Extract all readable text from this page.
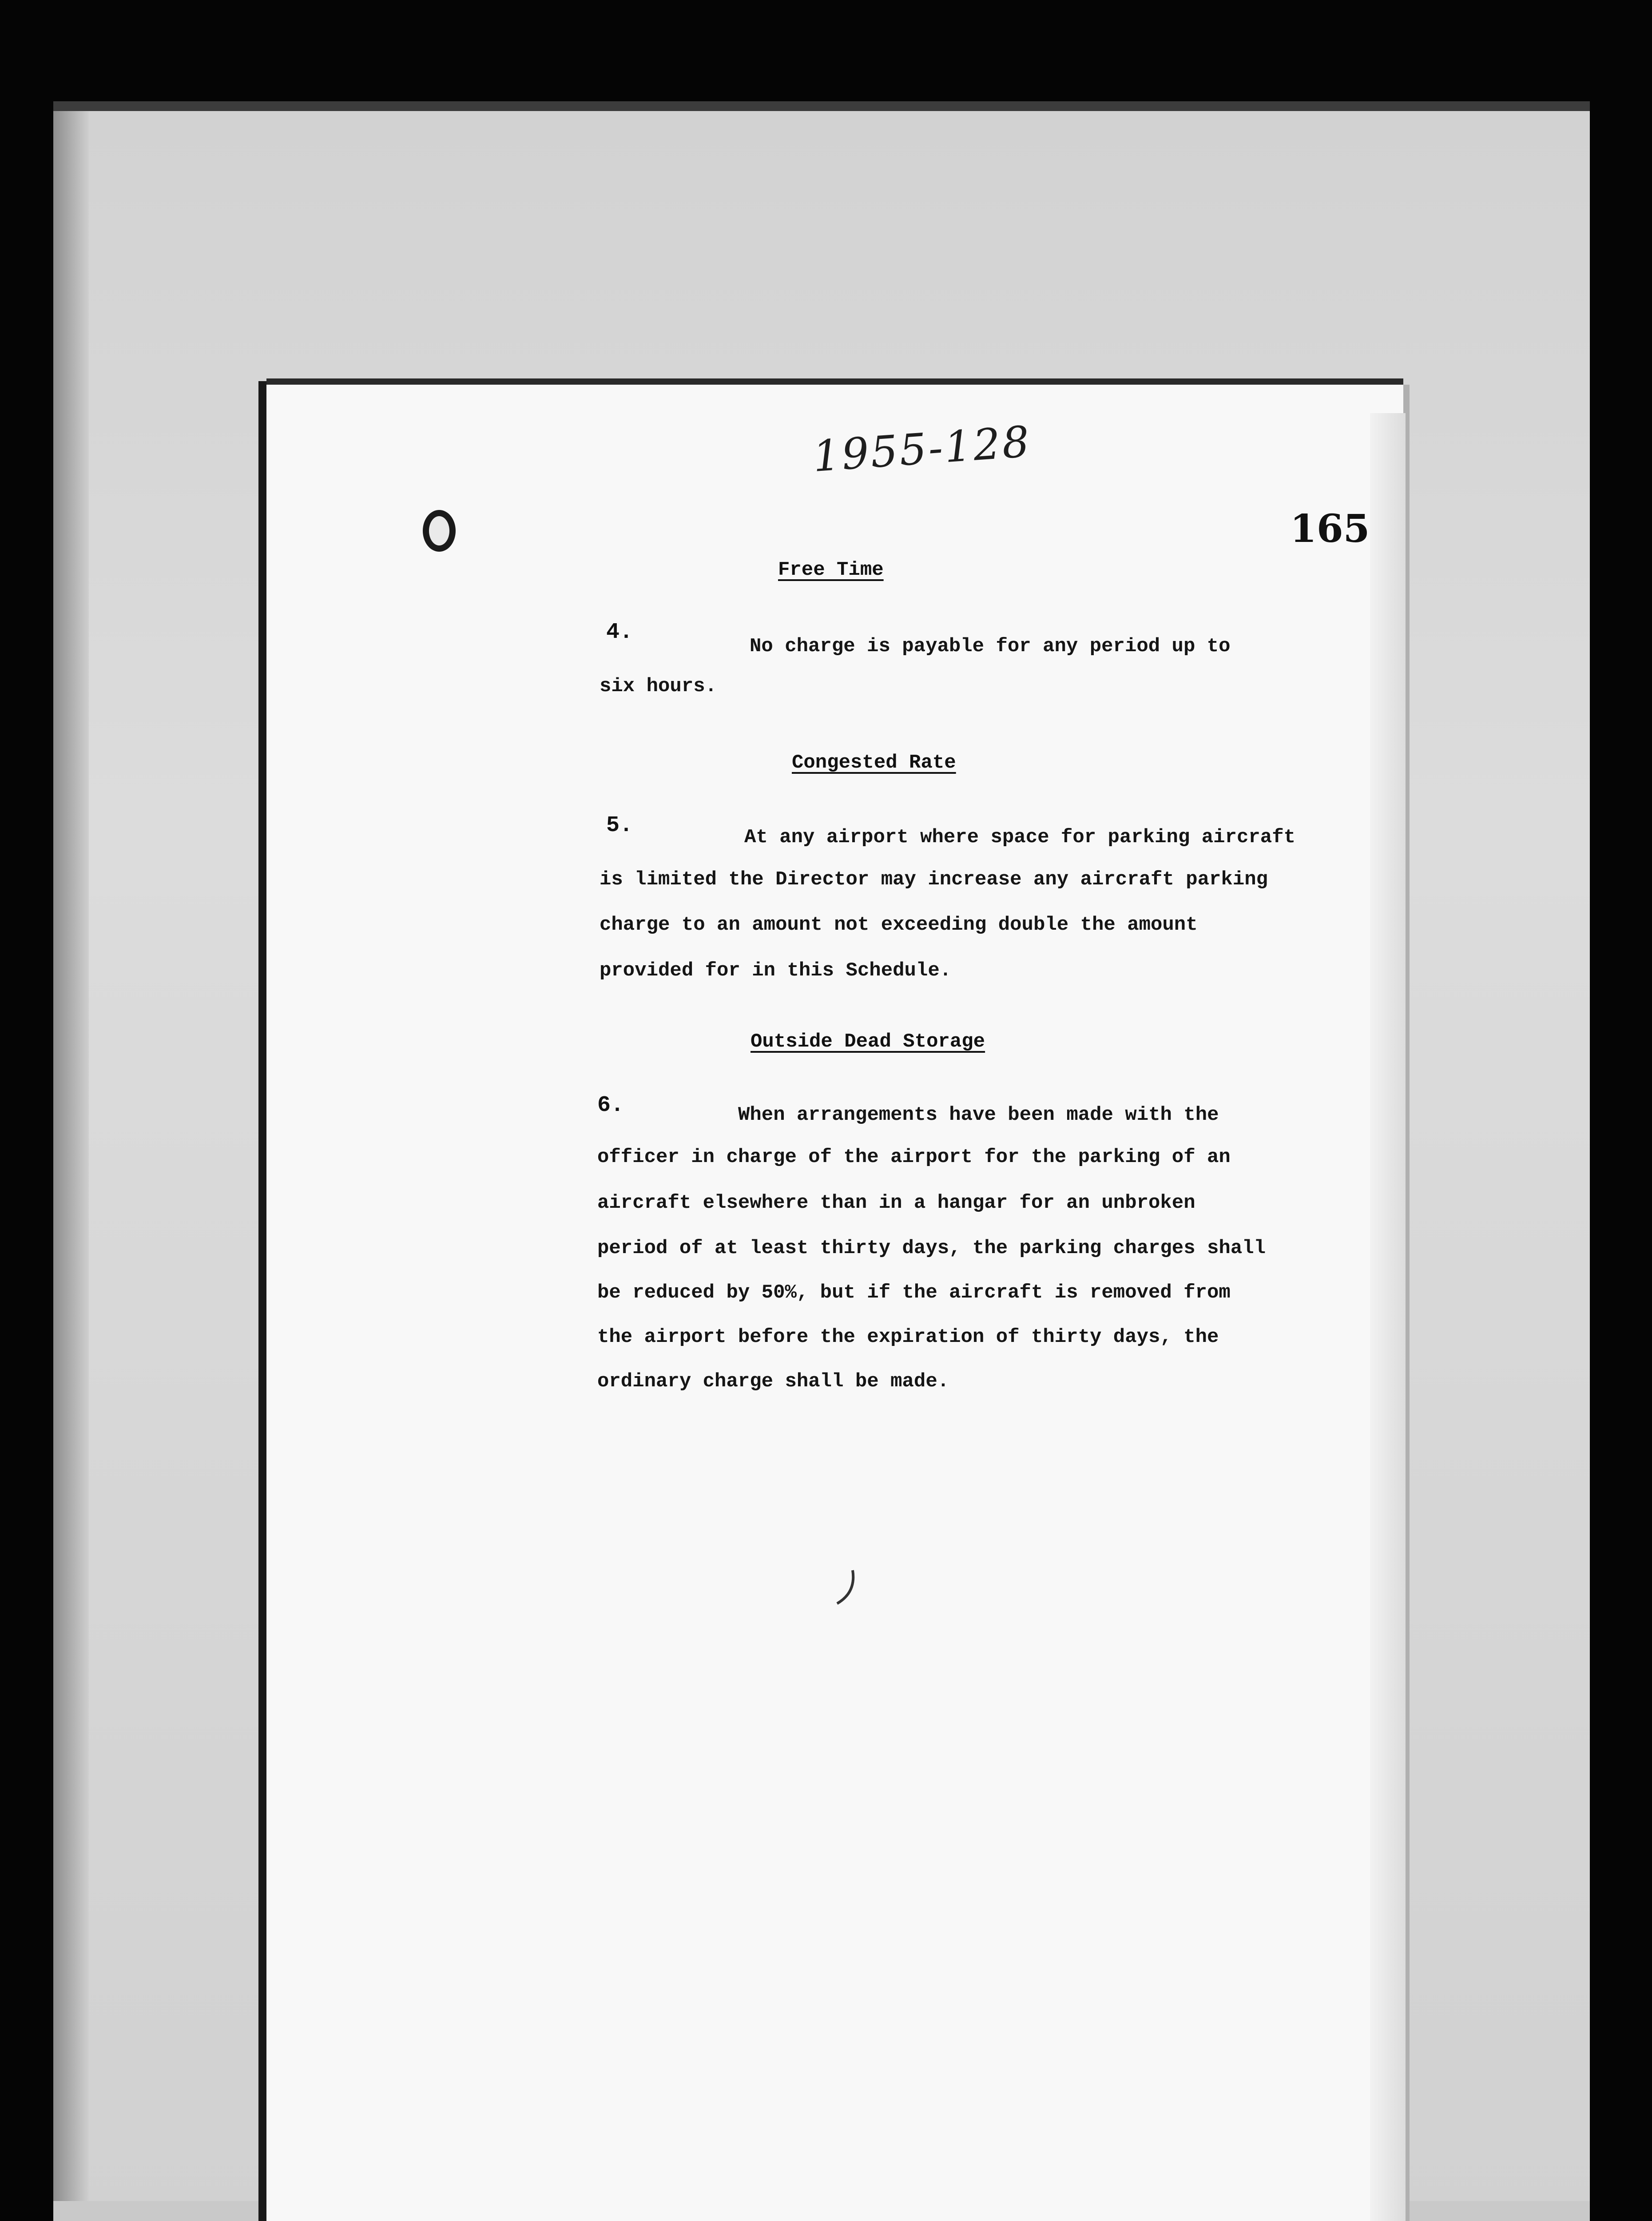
1955-128
165
Free Time
4.
No charge is payable for any period up to
six hours.
Congested Rate
5.	At any airport where space for parking aircraft
is limited the Director may increase any aircraft parking
charge to an amount not exceeding double the amount
provided for in this Schedule.
Outside Dead Storage
6.	When arrangements have been made with the
officer in charge of the airport for the parking of an
aircraft elsewhere than in a hangar for an unbroken
period of at least thirty days, the parking charges shall
be reduced by 50%, but if the aircraft is removed from
the airport before the expiration of thirty days, the
ordinary charge shall be made.
